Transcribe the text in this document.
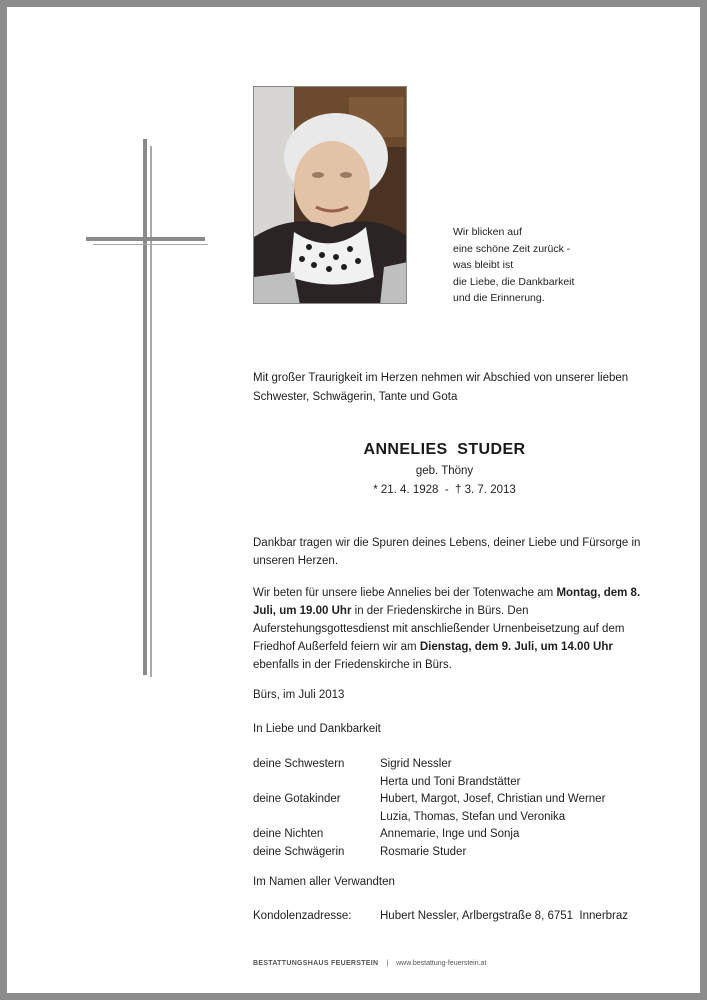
Wir blicken auf
eine schöne Zeit zurück -
was bleibt ist
die Liebe, die Dankbarkeit
und die Erinnerung.
Mit großer Traurigkeit im Herzen nehmen wir Abschied von unserer lieben Schwester, Schwägerin, Tante und Gota
ANNELIES  STUDER
geb. Thöny
* 21. 4. 1928  -  † 3. 7. 2013
Dankbar tragen wir die Spuren deines Lebens, deiner Liebe und Fürsorge in unseren Herzen.
Wir beten für unsere liebe Annelies bei der Totenwache am Montag, dem 8. Juli, um 19.00 Uhr in der Friedenskirche in Bürs. Den Auferstehungsgottesdienst mit anschließender Urnenbeisetzung auf dem Friedhof Außerfeld feiern wir am Dienstag, dem 9. Juli, um 14.00 Uhr ebenfalls in der Friedenskirche in Bürs.
Bürs, im Juli 2013
In Liebe und Dankbarkeit
deine Schwestern	Sigrid Nessler
Herta und Toni Brandstätter
deine Gotakinder	Hubert, Margot, Josef, Christian und Werner
Luzia, Thomas, Stefan und Veronika
deine Nichten	Annemarie, Inge und Sonja
deine Schwägerin	Rosmarie Studer
Im Namen aller Verwandten
Kondolenzadresse:	Hubert Nessler, Arlbergstraße 8, 6751  Innerbraz
BESTATTUNGSHAUS FEUERSTEIN | www.bestattung-feuerstein.at
